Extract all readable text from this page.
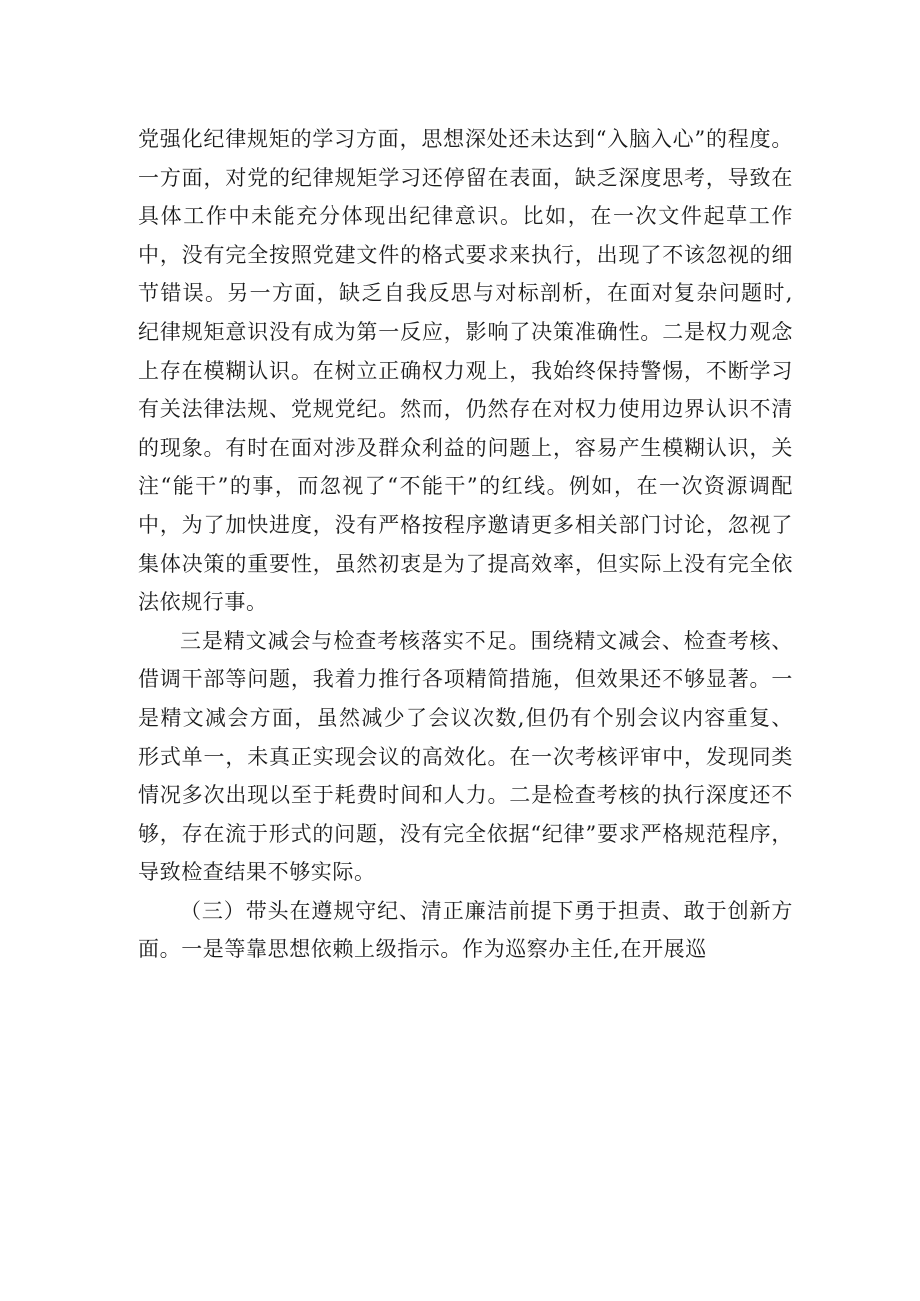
党强化纪律规矩的学习方面，思想深处还未达到“入脑入心”的程度。一方面，对党的纪律规矩学习还停留在表面，缺乏深度思考，导致在具体工作中未能充分体现出纪律意识。比如，在一次文件起草工作中，没有完全按照党建文件的格式要求来执行，出现了不该忽视的细节错误。另一方面，缺乏自我反思与对标剖析，在面对复杂问题时,纪律规矩意识没有成为第一反应，影响了决策准确性。二是权力观念上存在模糊认识。在树立正确权力观上，我始终保持警惕，不断学习有关法律法规、党规党纪。然而，仍然存在对权力使用边界认识不清的现象。有时在面对涉及群众利益的问题上，容易产生模糊认识，关注“能干”的事，而忽视了“不能干”的红线。例如，在一次资源调配中，为了加快进度，没有严格按程序邀请更多相关部门讨论，忽视了集体决策的重要性，虽然初衷是为了提高效率，但实际上没有完全依法依规行事。

三是精文减会与检查考核落实不足。围绕精文减会、检查考核、借调干部等问题，我着力推行各项精简措施，但效果还不够显著。一是精文减会方面，虽然减少了会议次数,但仍有个别会议内容重复、形式单一，未真正实现会议的高效化。在一次考核评审中，发现同类情况多次出现以至于耗费时间和人力。二是检查考核的执行深度还不够，存在流于形式的问题，没有完全依据“纪律”要求严格规范程序，导致检查结果不够实际。

（三）带头在遵规守纪、清正廉洁前提下勇于担责、敢于创新方面。一是等靠思想依赖上级指示。作为巡察办主任,在开展巡
